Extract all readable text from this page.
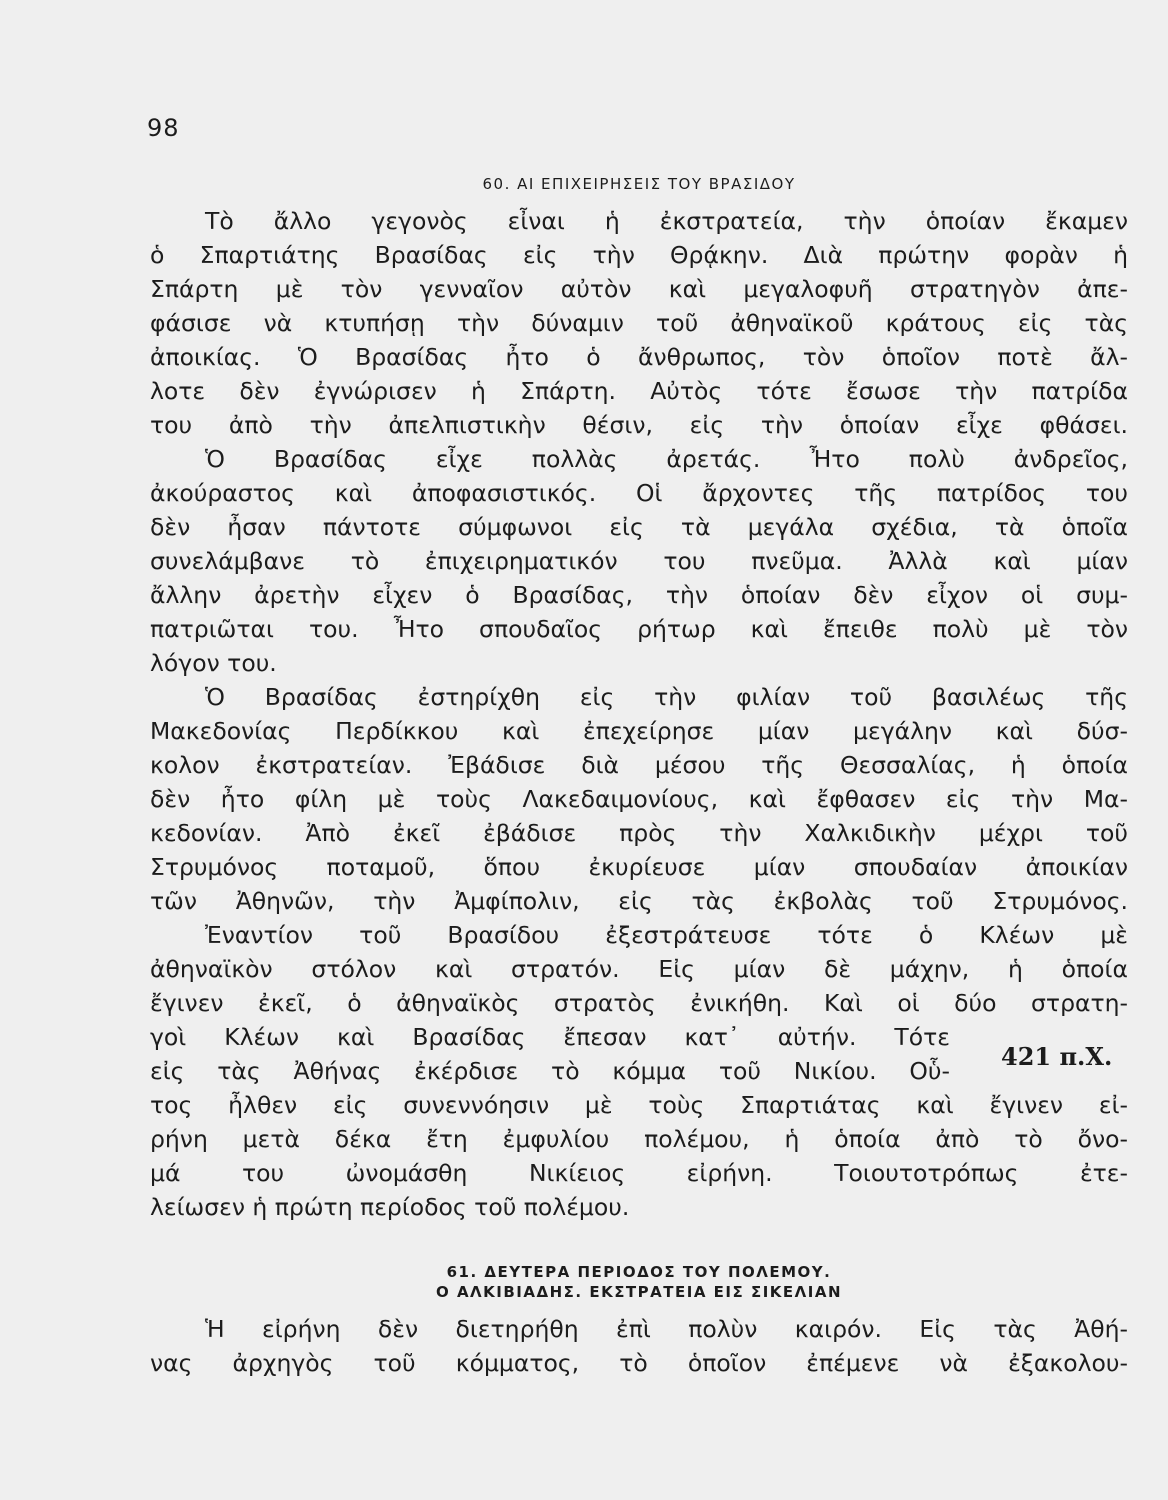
98
60. ΑΙ ΕΠΙΧΕΙΡΗΣΕΙΣ ΤΟΥ ΒΡΑΣΙΔΟΥ
Τὸ ἄλλο γεγονὸς εἶναι ἡ ἐκστρατεία, τὴν ὁποίαν ἔκαμεν
ὁ Σπαρτιάτης Βρασίδας εἰς τὴν Θρᾴκην. Διὰ πρώτην φορὰν ἡ
Σπάρτη μὲ τὸν γενναῖον αὐτὸν καὶ μεγαλοφυῆ στρατηγὸν ἀπε-
φάσισε νὰ κτυπήσῃ τὴν δύναμιν τοῦ ἀθηναϊκοῦ κράτους εἰς τὰς
ἀποικίας. Ὁ Βρασίδας ἦτο ὁ ἄνθρωπος, τὸν ὁποῖον ποτὲ ἄλ-
λοτε δὲν ἐγνώρισεν ἡ Σπάρτη. Αὐτὸς τότε ἔσωσε τὴν πατρίδα
του ἀπὸ τὴν ἀπελπιστικὴν θέσιν, εἰς τὴν ὁποίαν εἶχε φθάσει.
Ὁ Βρασίδας εἶχε πολλὰς ἀρετάς. Ἦτο πολὺ ἀνδρεῖος,
ἀκούραστος καὶ ἀποφασιστικός. Οἱ ἄρχοντες τῆς πατρίδος του
δὲν ἦσαν πάντοτε σύμφωνοι εἰς τὰ μεγάλα σχέδια, τὰ ὁποῖα
συνελάμβανε τὸ ἐπιχειρηματικόν του πνεῦμα. Ἀλλὰ καὶ μίαν
ἄλλην ἀρετὴν εἶχεν ὁ Βρασίδας, τὴν ὁποίαν δὲν εἶχον οἱ συμ-
πατριῶται του. Ἦτο σπουδαῖος ρήτωρ καὶ ἔπειθε πολὺ μὲ τὸν
λόγον του.
Ὁ Βρασίδας ἐστηρίχθη εἰς τὴν φιλίαν τοῦ βασιλέως τῆς
Μακεδονίας Περδίκκου καὶ ἐπεχείρησε μίαν μεγάλην καὶ δύσ-
κολον ἐκστρατείαν. Ἐβάδισε διὰ μέσου τῆς Θεσσαλίας, ἡ ὁποία
δὲν ἦτο φίλη μὲ τοὺς Λακεδαιμονίους, καὶ ἔφθασεν εἰς τὴν Μα-
κεδονίαν. Ἀπὸ ἐκεῖ ἐβάδισε πρὸς τὴν Χαλκιδικὴν μέχρι τοῦ
Στρυμόνος ποταμοῦ, ὅπου ἐκυρίευσε μίαν σπουδαίαν ἀποικίαν
τῶν Ἀθηνῶν, τὴν Ἀμφίπολιν, εἰς τὰς ἐκβολὰς τοῦ Στρυμόνος.
Ἐναντίον τοῦ Βρασίδου ἐξεστράτευσε τότε ὁ Κλέων μὲ
ἀθηναϊκὸν στόλον καὶ στρατόν. Εἰς μίαν δὲ μάχην, ἡ ὁποία
ἔγινεν ἐκεῖ, ὁ ἀθηναϊκὸς στρατὸς ἐνικήθη. Καὶ οἱ δύο στρατη-
γοὶ Κλέων καὶ Βρασίδας ἔπεσαν κατ᾽ αὐτήν. Τότε
εἰς τὰς Ἀθήνας ἐκέρδισε τὸ κόμμα τοῦ Νικίου. Οὗ-
τος ἦλθεν εἰς συνεννόησιν μὲ τοὺς Σπαρτιάτας καὶ ἔγινεν εἰ-
ρήνη μετὰ δέκα ἔτη ἐμφυλίου πολέμου, ἡ ὁποία ἀπὸ τὸ ὄνο-
μά του ὠνομάσθη Νικίειος εἰρήνη. Τοιουτοτρόπως ἐτε-
λείωσεν ἡ πρώτη περίοδος τοῦ πολέμου.
421 π.Χ.
61. ΔΕΥΤΕΡΑ ΠΕΡΙΟΔΟΣ ΤΟΥ ΠΟΛΕΜΟΥ.
Ο ΑΛΚΙΒΙΑΔΗΣ. ΕΚΣΤΡΑΤΕΙΑ ΕΙΣ ΣΙΚΕΛΙΑΝ
Ἡ εἰρήνη δὲν διετηρήθη ἐπὶ πολὺν καιρόν. Εἰς τὰς Ἀθή-
νας ἀρχηγὸς τοῦ κόμματος, τὸ ὁποῖον ἐπέμενε νὰ ἐξακολου-
